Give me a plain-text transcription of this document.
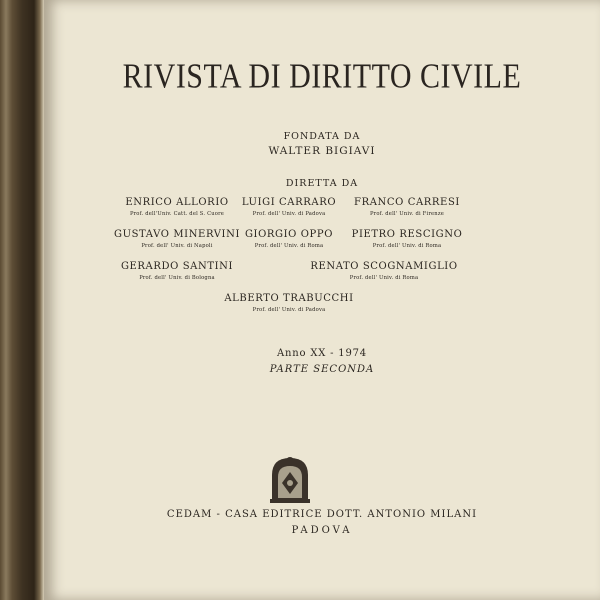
RIVISTA DI DIRITTO CIVILE
FONDATA DA
WALTER BIGIAVI
DIRETTA DA
ENRICO ALLORIO
Prof. dell'Univ. Catt. del S. Cuore
LUIGI CARRARO
Prof. dell' Univ. di Padova
FRANCO CARRESI
Prof. dell' Univ. di Firenze
GUSTAVO MINERVINI
Prof. dell' Univ. di Napoli
GIORGIO OPPO
Prof. dell' Univ. di Roma
PIETRO RESCIGNO
Prof. dell' Univ. di Roma
GERARDO SANTINI
Prof. dell' Univ. di Bologna
RENATO SCOGNAMIGLIO
Prof. dell' Univ. di Roma
ALBERTO TRABUCCHI
Prof. dell' Univ. di Padova
Anno XX - 1974
PARTE SECONDA
CEDAM - CASA EDITRICE DOTT. ANTONIO MILANI
PADOVA
